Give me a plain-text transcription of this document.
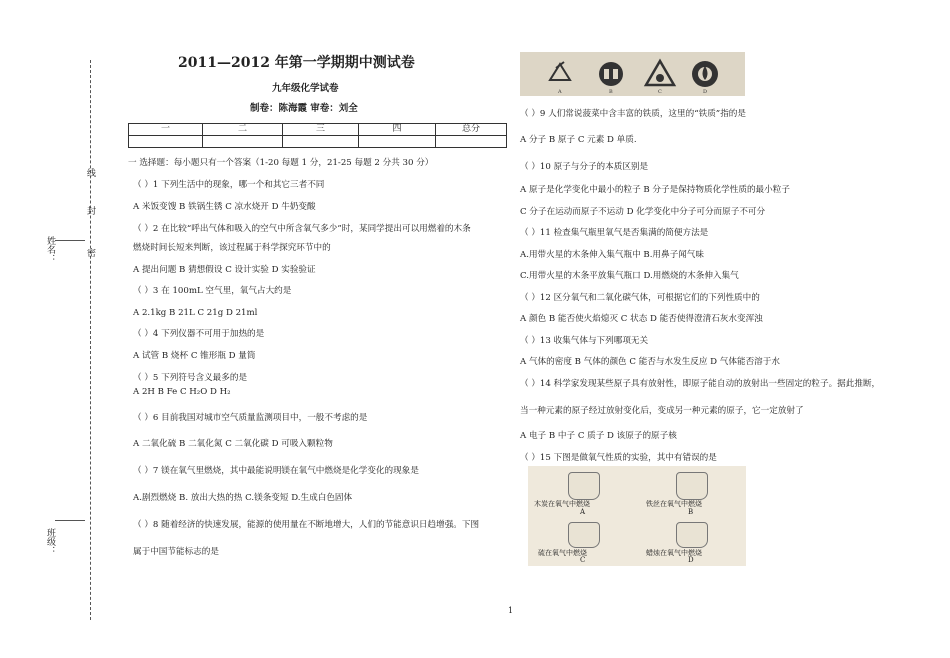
姓名：
班级：
线
封
密
2011—2012 年第一学期期中测试卷
九年级化学试卷
制卷：陈海霞 审卷：刘全
一	二	三	四	总分

一 选择题：每小题只有一个答案（1-20 每题 1 分，21-25 每题 2 分共 30 分）
（ ）1 下列生活中的现象，哪一个和其它三者不同
A 米饭变馊 B 铁锅生锈 C 凉水烧开 D 牛奶变酸
（ ）2 在比较“呼出气体和吸入的空气中所含氧气多少”时，某同学提出可以用燃着的木条
燃烧时间长短来判断，该过程属于科学探究环节中的
A 提出问题 B 猜想假设 C 设计实验 D 实验验证
（ ）3 在 100mL 空气里，氧气占大约是
A 2.1kg B 21L C 21g D 21ml
（ ）4 下列仪器不可用于加热的是
A 试管 B 烧杯 C 锥形瓶 D 量筒
（ ）5 下列符号含义最多的是
A 2H B Fe C H₂O D H₂
（ ）6 目前我国对城市空气质量监测项目中，一般不考虑的是
A 二氧化硫 B 二氧化氮 C 二氧化碳 D 可吸入颗粒物
（ ）7 镁在氧气里燃烧，其中最能说明镁在氧气中燃烧是化学变化的现象是
A.剧烈燃烧 B. 放出大热的热 C.镁条变短 D.生成白色固体
（ ）8 随着经济的快速发展，能源的使用量在不断地增大，人们的节能意识日趋增强。下图
属于中国节能标志的是
A	B	C	D
（ ）9 人们常说菠菜中含丰富的铁质，这里的“铁质”指的是
A 分子 B 原子 C 元素 D 单质.
（ ）10 原子与分子的本质区别是
A 原子是化学变化中最小的粒子 B 分子是保持物质化学性质的最小粒子
C 分子在运动而原子不运动 D 化学变化中分子可分而原子不可分
（ ）11 检查集气瓶里氧气是否集满的简便方法是
A.用带火星的木条伸入集气瓶中 B.用鼻子闻气味
C.用带火星的木条平放集气瓶口 D.用燃烧的木条伸入集气
（ ）12 区分氧气和二氧化碳气体，可根据它们的下列性质中的
A 颜色 B 能否使火焰熄灭 C 状态 D 能否使得澄清石灰水变浑浊
（ ）13 收集气体与下列哪项无关
A 气体的密度 B 气体的颜色 C 能否与水发生反应 D 气体能否溶于水
（ ）14 科学家发现某些原子具有放射性，即原子能自动的放射出一些固定的粒子。据此推断，
当一种元素的原子经过放射变化后，变成另一种元素的原子，它一定放射了
A 电子 B 中子 C 质子 D 该原子的原子核
（ ）15 下图是做氧气性质的实验，其中有错误的是
木炭在氧气中燃烧
A
铁丝在氧气中燃烧
B
硫在氧气中燃烧
C
蜡烛在氧气中燃烧
D
1
